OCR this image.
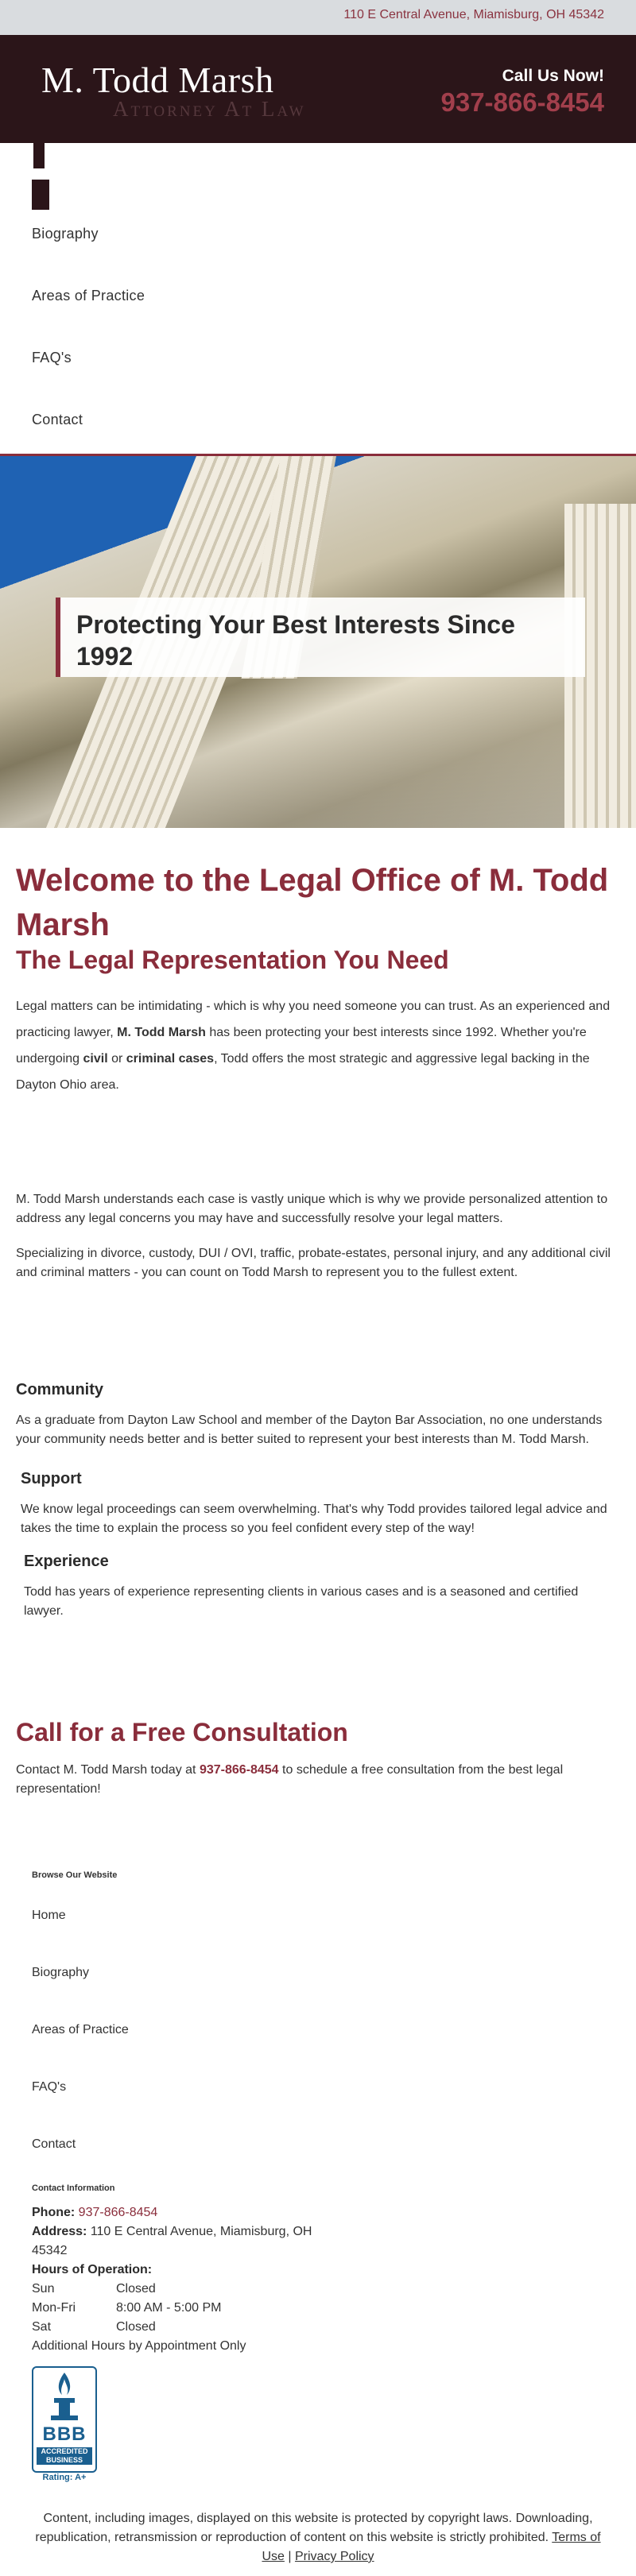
110 E Central Avenue, Miamisburg, OH 45342
M. Todd Marsh
Attorney At Law
Call Us Now!
937-866-8454
Biography
Areas of Practice
FAQ's
Contact
Protecting Your Best Interests Since 1992
Welcome to the Legal Office of M. Todd Marsh
The Legal Representation You Need

Legal matters can be intimidating - which is why you need someone you can trust. As an experienced and practicing lawyer, M. Todd Marsh has been protecting your best interests since 1992. Whether you're undergoing civil or criminal cases, Todd offers the most strategic and aggressive legal backing in the Dayton Ohio area.

M. Todd Marsh understands each case is vastly unique which is why we provide personalized attention to address any legal concerns you may have and successfully resolve your legal matters.

Specializing in divorce, custody, DUI / OVI, traffic, probate-estates, personal injury, and any additional civil and criminal matters - you can count on Todd Marsh to represent you to the fullest extent.

Community

As a graduate from Dayton Law School and member of the Dayton Bar Association, no one understands your community needs better and is better suited to represent your best interests than M. Todd Marsh.

Support

We know legal proceedings can seem overwhelming. That's why Todd provides tailored legal advice and takes the time to explain the process so you feel confident every step of the way!

Experience

Todd has years of experience representing clients in various cases and is a seasoned and certified lawyer.

Call for a Free Consultation

Contact M. Todd Marsh today at 937-866-8454 to schedule a free consultation from the best legal representation!

Browse Our Website
Home
Biography
Areas of Practice
FAQ's
Contact
Contact Information
Phone: 937-866-8454
Address: 110 E Central Avenue, Miamisburg, OH
45342
Hours of Operation:
Sun	Closed
Mon-Fri	8:00 AM - 5:00 PM
Sat	Closed
Additional Hours by Appointment Only
BBB
ACCREDITED
BUSINESS
Rating: A+
Content, including images, displayed on this website is protected by copyright laws. Downloading, republication, retransmission or reproduction of content on this website is strictly prohibited. Terms of Use | Privacy Policy
